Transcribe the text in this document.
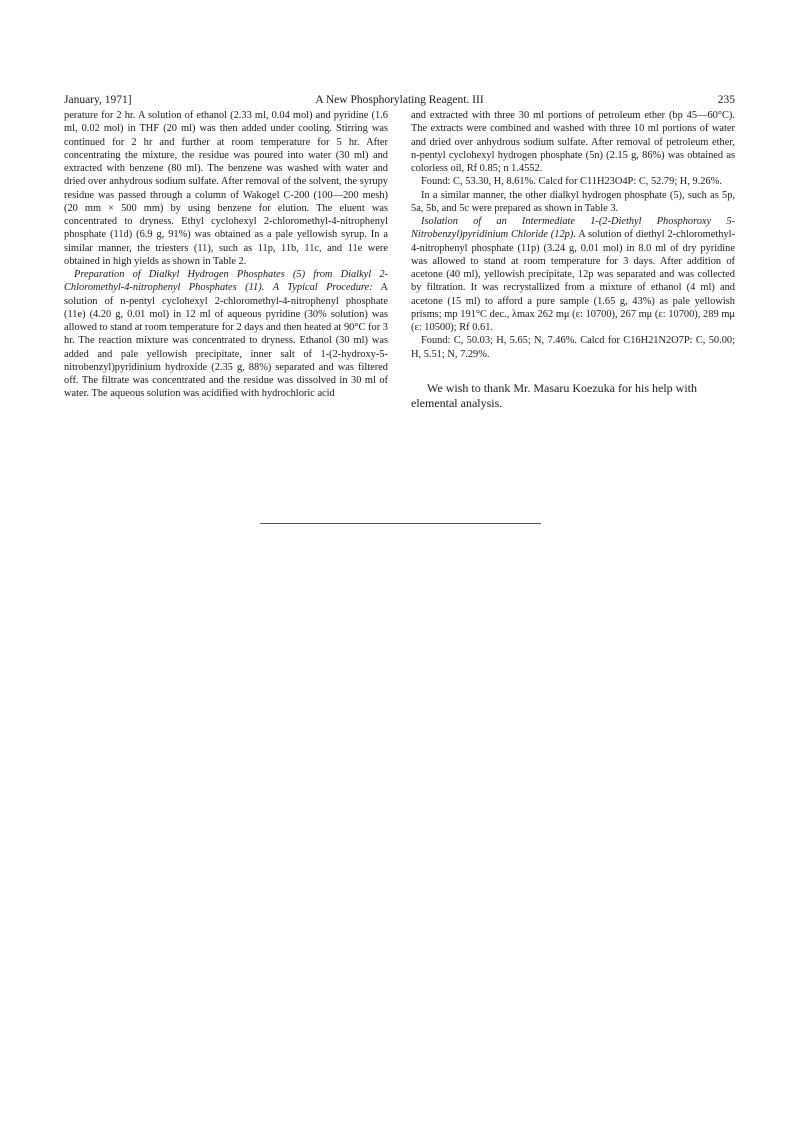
January, 1971]	A New Phosphorylating Reagent. III	235

perature for 2 hr. A solution of ethanol (2.33 ml, 0.04 mol) and pyridine (1.6 ml, 0.02 mol) in THF (20 ml) was then added under cooling. Stirring was continued for 2 hr and further at room temperature for 5 hr. After concentrating the mixture, the residue was poured into water (30 ml) and extracted with benzene (80 ml). The benzene was washed with water and dried over anhydrous sodium sulfate. After removal of the solvent, the syrupy residue was passed through a column of Wakogel C-200 (100—200 mesh) (20 mm × 500 mm) by using benzene for elution. The eluent was concentrated to dryness. Ethyl cyclohexyl 2-chloromethyl-4-nitrophenyl phosphate (11d) (6.9 g, 91%) was obtained as a pale yellowish syrup. In a similar manner, the triesters (11), such as 11p, 11b, 11c, and 11e were obtained in high yields as shown in Table 2.

Preparation of Dialkyl Hydrogen Phosphates (5) from Dialkyl 2-Chloromethyl-4-nitrophenyl Phosphates (11). A Typical Procedure: A solution of n-pentyl cyclohexyl 2-chloromethyl-4-nitrophenyl phosphate (11e) (4.20 g, 0.01 mol) in 12 ml of aqueous pyridine (30% solution) was allowed to stand at room temperature for 2 days and then heated at 90°C for 3 hr. The reaction mixture was concentrated to dryness. Ethanol (30 ml) was added and pale yellowish precipitate, inner salt of 1-(2-hydroxy-5-nitrobenzyl)pyridinium hydroxide (2.35 g, 88%) separated and was filtered off. The filtrate was concentrated and the residue was dissolved in 30 ml of water. The aqueous solution was acidified with hydrochloric acid

and extracted with three 30 ml portions of petroleum ether (bp 45—60°C). The extracts were combined and washed with three 10 ml portions of water and dried over anhydrous sodium sulfate. After removal of petroleum ether, n-pentyl cyclohexyl hydrogen phosphate (5n) (2.15 g, 86%) was obtained as colorless oil, Rf 0.85; n 1.4552.

Found: C, 53.30, H, 8.61%. Calcd for C11H23O4P: C, 52.79; H, 9.26%.

In a similar manner, the other dialkyl hydrogen phosphate (5), such as 5p, 5a, 5b, and 5c were prepared as shown in Table 3.

Isolation of an Intermediate 1-(2-Diethyl Phosphoroxy 5-Nitrobenzyl)pyridinium Chloride (12p). A solution of diethyl 2-chloromethyl-4-nitrophenyl phosphate (11p) (3.24 g, 0.01 mol) in 8.0 ml of dry pyridine was allowed to stand at room temperature for 3 days. After addition of acetone (40 ml), yellowish precipitate, 12p was separated and was collected by filtration. It was recrystallized from a mixture of ethanol (4 ml) and acetone (15 ml) to afford a pure sample (1.65 g, 43%) as pale yellowish prisms; mp 191°C dec., λmax 262 mμ (ε: 10700), 267 mμ (ε: 10700), 289 mμ (ε: 10500); Rf 0.61.

Found: C, 50.03; H, 5.65; N, 7.46%. Calcd for C16H21N2O7P: C, 50.00; H, 5.51; N, 7.29%.

We wish to thank Mr. Masaru Koezuka for his help with elemental analysis.
